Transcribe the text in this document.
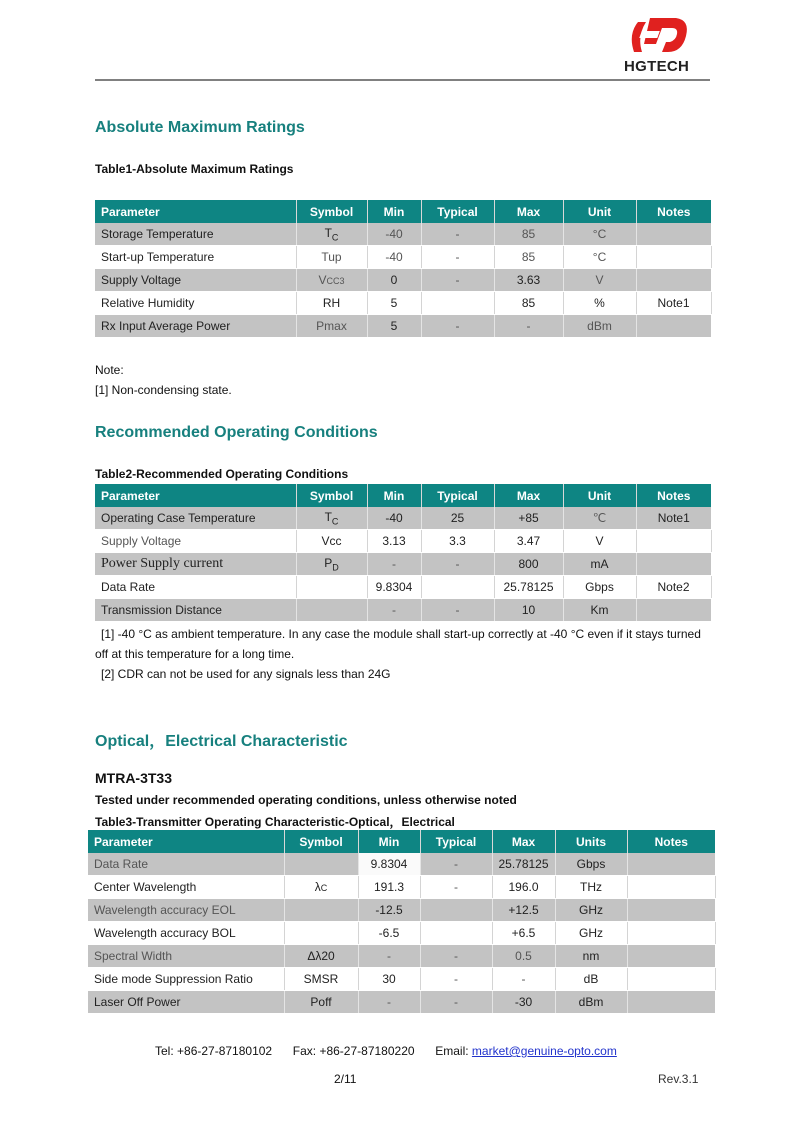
HGTECH
Absolute Maximum Ratings
Table1-Absolute Maximum Ratings
Parameter	Symbol	Min	Typical	Max	Unit	Notes
Storage Temperature	$T_C$	-40	-	85	°C	
Start-up Temperature	Tup	-40	-	85	°C	
Supply Voltage	VCC3	0	-	3.63	V	
Relative Humidity	RH	5		85	%	Note1
Rx Input Average Power	Pmax	5	-	-	dBm	
Note:
[1] Non-condensing state.
Recommended Operating Conditions
Table2-Recommended Operating Conditions
Parameter	Symbol	Min	Typical	Max	Unit	Notes
Operating Case Temperature	$T_C$	-40	25	+85	℃	Note1
Supply Voltage	Vcc	3.13	3.3	3.47	V	
Power Supply current	$P_D$	-	-	800	mA	
Data Rate		9.8304		25.78125	Gbps	Note2
Transmission Distance		-	-	10	Km	
[1] -40 °C as ambient temperature. In any case the module shall start-up correctly at -40 °C even if it stays turned
off at this temperature for a long time.
[2] CDR can not be used for any signals less than 24G
Optical，Electrical Characteristic
MTRA-3T33
Tested under recommended operating conditions, unless otherwise noted
Table3-Transmitter Operating Characteristic-Optical，Electrical
Parameter	Symbol	Min	Typical	Max	Units	Notes
Data Rate		9.8304	-	25.78125	Gbps	
Center Wavelength	λC	191.3	-	196.0	THz	
Wavelength accuracy EOL		-12.5		+12.5	GHz	
Wavelength accuracy BOL		-6.5		+6.5	GHz	
Spectral Width	Δλ20	-	-	0.5	nm	
Side mode Suppression Ratio	SMSR	30	-	-	dB	
Laser Off Power	Poff	-	-	-30	dBm	
Tel: +86-27-87180102 Fax: +86-27-87180220 Email: market@genuine-opto.com
2/11	Rev.3.1
